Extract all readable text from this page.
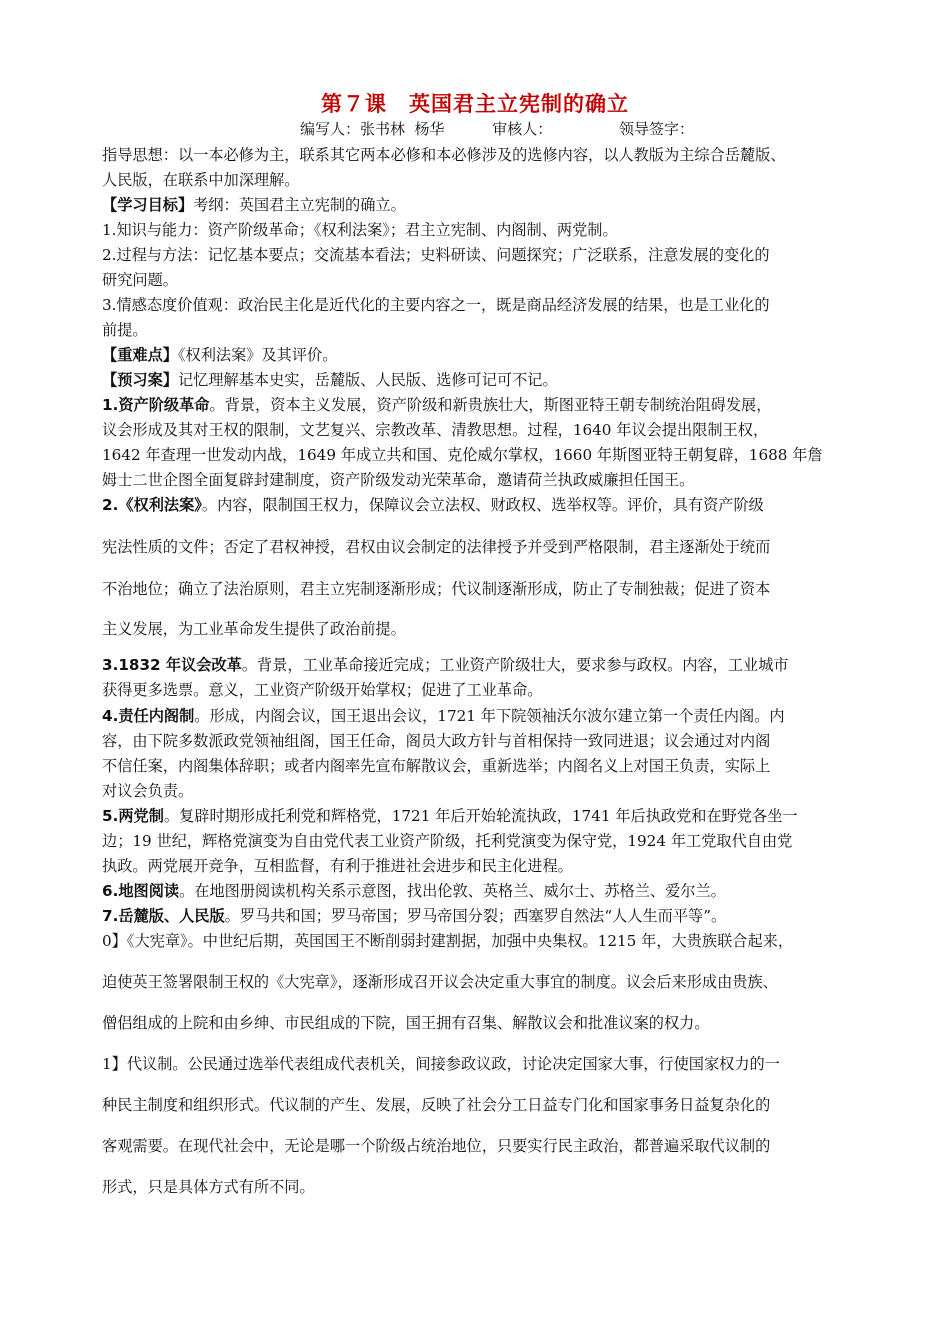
第７课　英国君主立宪制的确立
编写人：张书林  杨华          审核人：              领导签字：
指导思想：以一本必修为主，联系其它两本必修和本必修涉及的选修内容，以人教版为主综合岳麓版、
人民版，在联系中加深理解。
【学习目标】考纲：英国君主立宪制的确立。
1.知识与能力：资产阶级革命；《权利法案》；君主立宪制、内阁制、两党制。
2.过程与方法：记忆基本要点；交流基本看法；史料研读、问题探究；广泛联系，注意发展的变化的
研究问题。
3.情感态度价值观：政治民主化是近代化的主要内容之一，既是商品经济发展的结果，也是工业化的
前提。
【重难点】《权利法案》及其评价。
【预习案】记忆理解基本史实，岳麓版、人民版、选修可记可不记。
1.资产阶级革命。背景，资本主义发展，资产阶级和新贵族壮大，斯图亚特王朝专制统治阻碍发展，
议会形成及其对王权的限制，文艺复兴、宗教改革、清教思想。过程，1640 年议会提出限制王权，
1642 年查理一世发动内战，1649 年成立共和国、克伦威尔掌权，1660 年斯图亚特王朝复辟，1688 年詹
姆士二世企图全面复辟封建制度，资产阶级发动光荣革命，邀请荷兰执政威廉担任国王。
2.《权利法案》。内容，限制国王权力，保障议会立法权、财政权、选举权等。评价，具有资产阶级
宪法性质的文件；否定了君权神授，君权由议会制定的法律授予并受到严格限制，君主逐渐处于统而
不治地位；确立了法治原则，君主立宪制逐渐形成；代议制逐渐形成，防止了专制独裁；促进了资本
主义发展，为工业革命发生提供了政治前提。
3.1832 年议会改革。背景，工业革命接近完成；工业资产阶级壮大，要求参与政权。内容，工业城市
获得更多选票。意义，工业资产阶级开始掌权；促进了工业革命。
4.责任内阁制。形成，内阁会议，国王退出会议，1721 年下院领袖沃尔波尔建立第一个责任内阁。内
容，由下院多数派政党领袖组阁，国王任命，阁员大政方针与首相保持一致同进退；议会通过对内阁
不信任案，内阁集体辞职；或者内阁率先宣布解散议会，重新选举；内阁名义上对国王负责，实际上
对议会负责。
5.两党制。复辟时期形成托利党和辉格党，1721 年后开始轮流执政，1741 年后执政党和在野党各坐一
边；19 世纪，辉格党演变为自由党代表工业资产阶级，托利党演变为保守党，1924 年工党取代自由党
执政。两党展开竞争，互相监督，有利于推进社会进步和民主化进程。
6.地图阅读。在地图册阅读机构关系示意图，找出伦敦、英格兰、威尔士、苏格兰、爱尔兰。
7.岳麓版、人民版。罗马共和国；罗马帝国；罗马帝国分裂；西塞罗自然法“人人生而平等”。
0】《大宪章》。中世纪后期，英国国王不断削弱封建割据，加强中央集权。1215 年，大贵族联合起来，
迫使英王签署限制王权的《大宪章》，逐渐形成召开议会决定重大事宜的制度。议会后来形成由贵族、
僧侣组成的上院和由乡绅、市民组成的下院，国王拥有召集、解散议会和批准议案的权力。
1】代议制。公民通过选举代表组成代表机关，间接参政议政，讨论决定国家大事，行使国家权力的一
种民主制度和组织形式。代议制的产生、发展，反映了社会分工日益专门化和国家事务日益复杂化的
客观需要。在现代社会中，无论是哪一个阶级占统治地位，只要实行民主政治，都普遍采取代议制的
形式，只是具体方式有所不同。
